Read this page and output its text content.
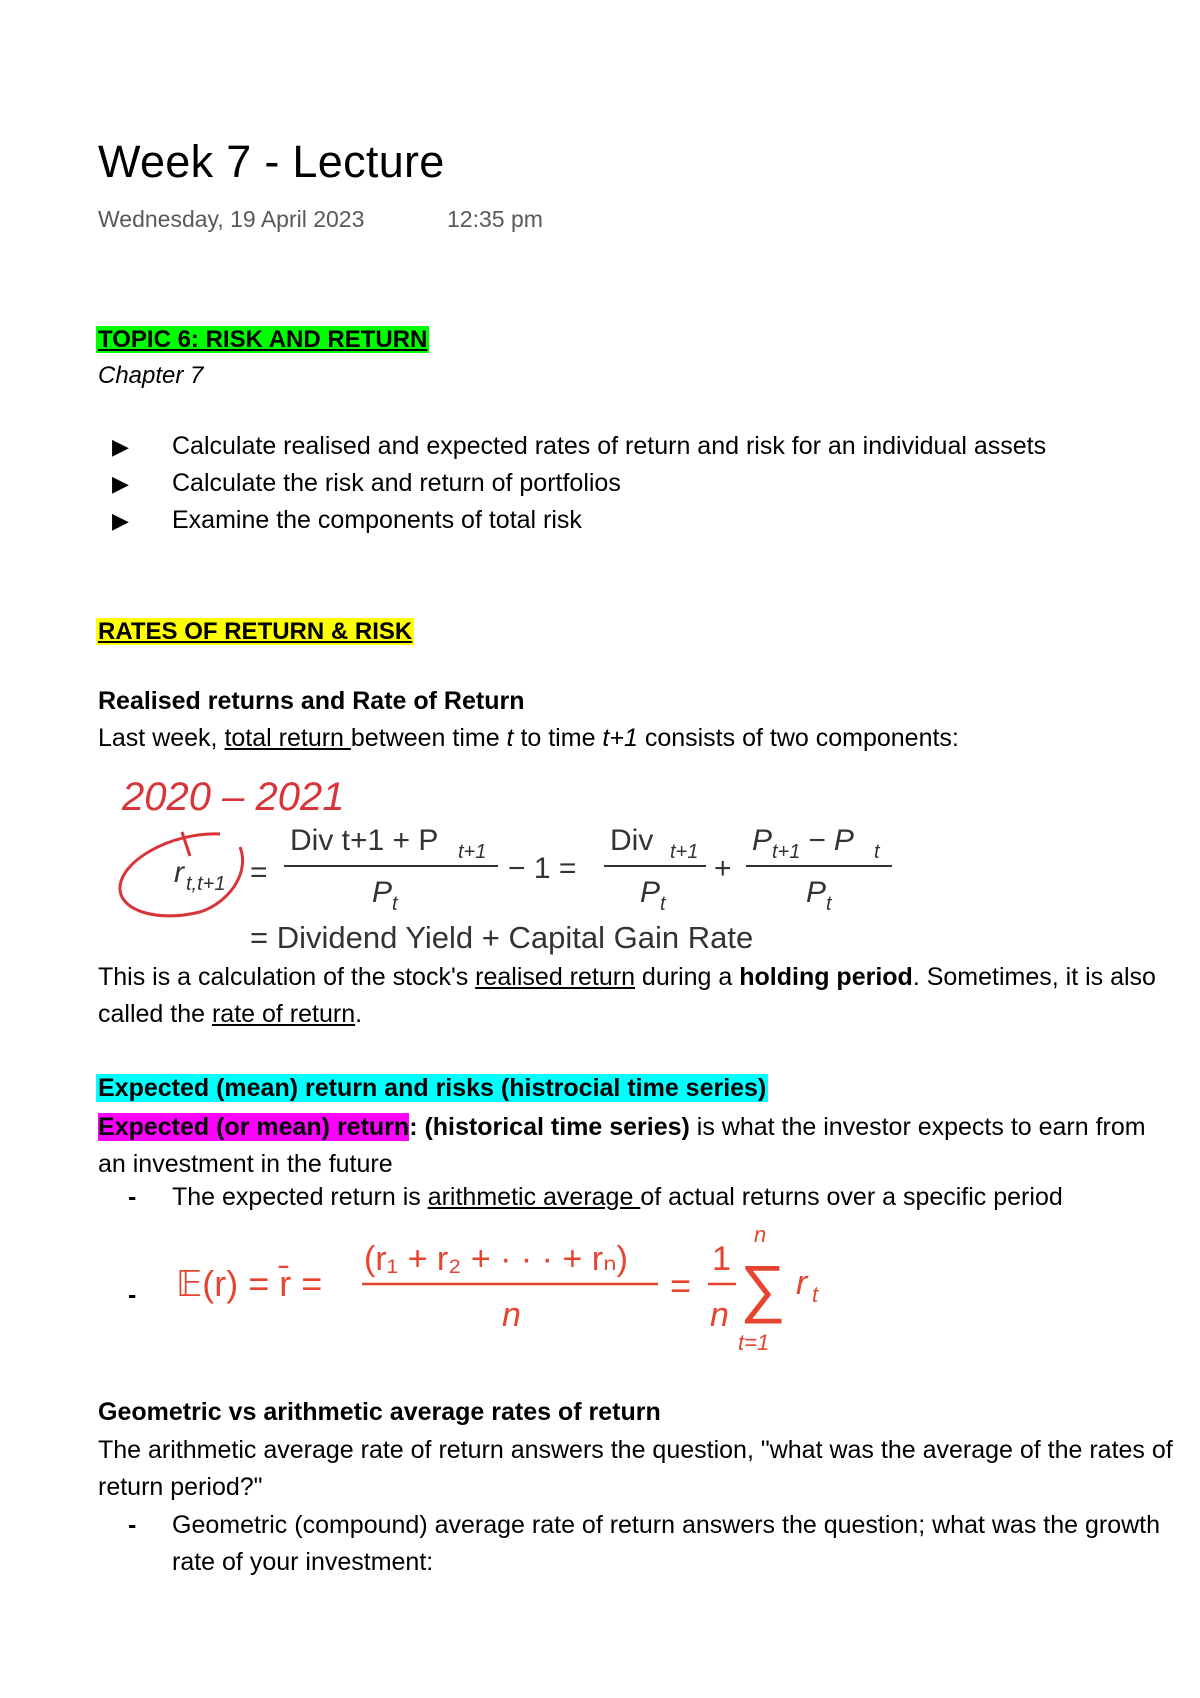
Week 7 - Lecture
Wednesday, 19 April 2023	12:35 pm
TOPIC 6: RISK AND RETURN
Chapter 7
▶ Calculate realised and expected rates of return and risk for an individual assets
▶ Calculate the risk and return of portfolios
▶ Examine the components of total risk
RATES OF RETURN & RISK
Realised returns and Rate of Return
Last week, total return between time t to time t+1 consists of two components:
2020 – 2021
r t,t+1 =
Div t+1 + P t+1
P t
− 1 =
Div t+1
P t
+
P t+1 − P t
P t
= Dividend Yield + Capital Gain Rate
This is a calculation of the stock's realised return during a holding period. Sometimes, it is also called the rate of return.
Expected (mean) return and risks (histrocial time series)
Expected (or mean) return: (historical time series) is what the investor expects to earn from an investment in the future
- The expected return is arithmetic average of actual returns over a specific period
-	𝔼(r) = r̄ =
(r₁ + r₂ + · · · + rₙ)
n
=
1
n
n
∑
t=1
r t
Geometric vs arithmetic average rates of return
The arithmetic average rate of return answers the question, "what was the average of the rates of return period?"
- Geometric (compound) average rate of return answers the question; what was the growth rate of your investment:
